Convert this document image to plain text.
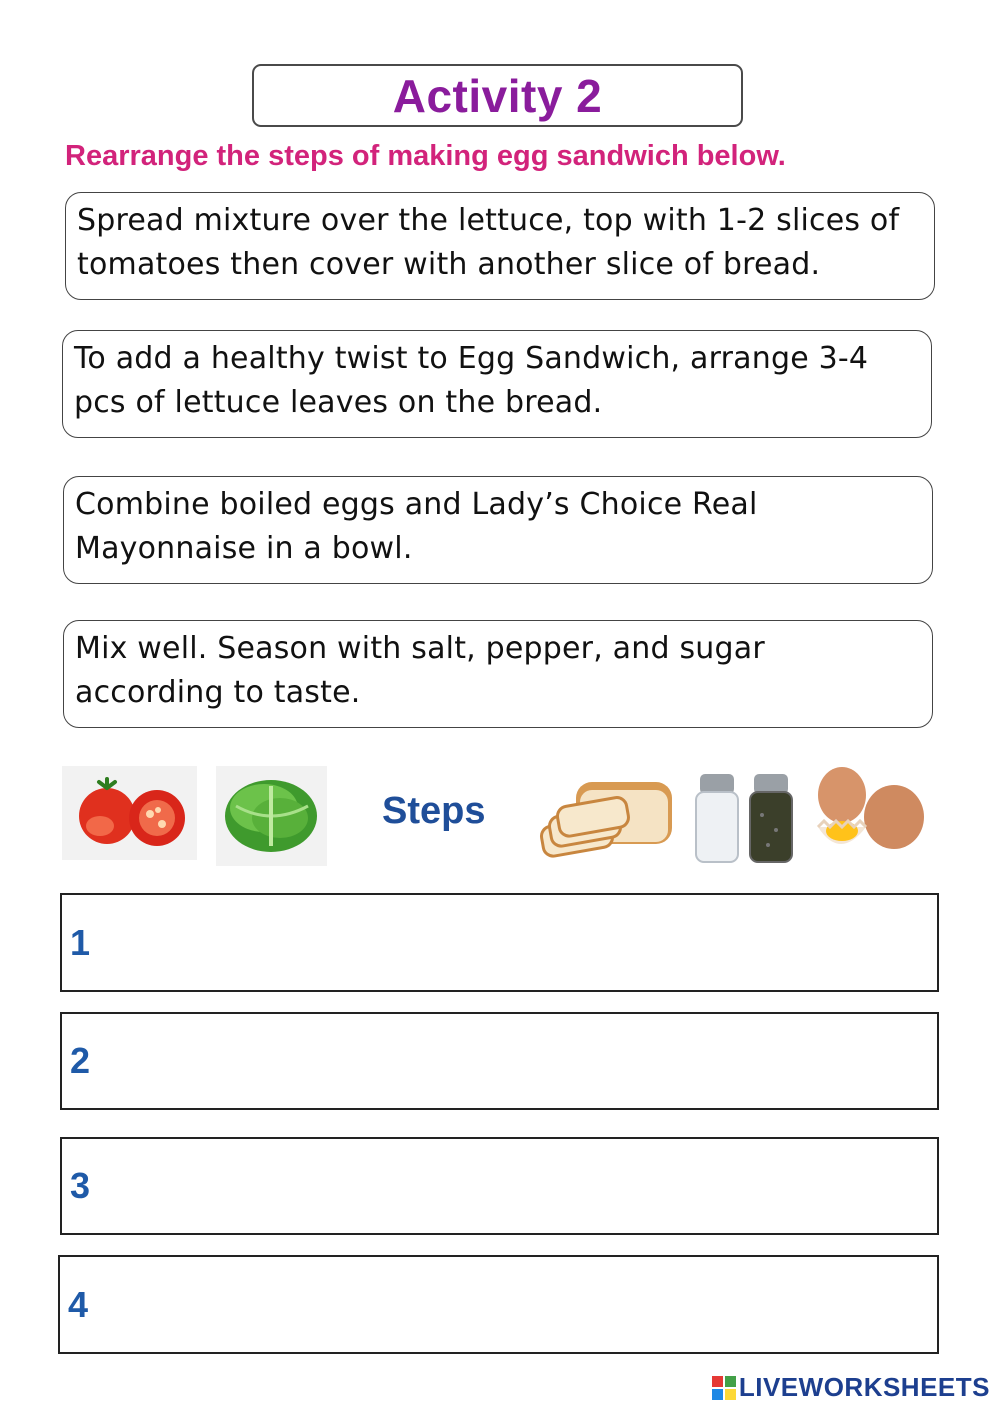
Activity 2
Rearrange the steps of making egg sandwich below.
Spread mixture over the lettuce, top with 1-2 slices of tomatoes then cover with another slice of bread.
To add a healthy twist to Egg Sandwich, arrange 3-4 pcs of lettuce leaves on the bread.
Combine boiled eggs and Lady’s Choice Real Mayonnaise in a bowl.
Mix well. Season with salt, pepper, and sugar according to taste.
Steps
1
2
3
4
LIVEWORKSHEETS
